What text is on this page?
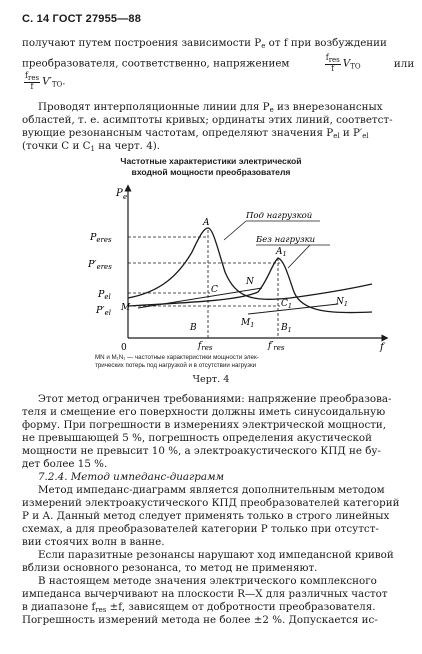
С. 14 ГОСТ 27955—88
получают путем построения зависимости Pe от f при возбуждении
преобразователя, соответственно, напряжением	$\frac{\text{fres}}{f}$ VTO	или
$\frac{\text{fres}}{f} V'TO$.
Проводят интерполяционные линии для Pe из внерезонансных
областей, т. е. асимптоты кривых; ординаты этих линий, соответст-
вующие резонансным частотам, определяют значения Pel и P′el
(точки C и C1 на черт. 4).
Частотные характеристики электрической
входной мощности преобразователя
P e
f
0
$P_{eres}$
$P'_{eres}$
$P_{el}$
$P'_{el}$ M
A
$A_1$
C
$C_1$
N
$N_1$
$M_1$
B	$B_1$
$f_{res}$	$f'_{res}$
Под нагрузкой
Без нагрузки
MN и M₁N₁ — частотные характеристики мощности элек-
трических потерь под нагрузкой и в отсутствии нагрузки
Черт. 4
Этот метод ограничен требованиями: напряжение преобразова-
теля и смещение его поверхности должны иметь синусоидальную
форму. При погрешности в измерениях электрической мощности,
не превышающей 5 %, погрешность определения акустической
мощности не превысит 10 %, а электроакустического КПД не бу-
дет более 15 %.
7.2.4. Метод импеданс-диаграмм
Метод импеданс-диаграмм является дополнительным методом
измерений электроакустического КПД преобразователей категорий
Р и А. Данный метод следует применять только в строго линейных
схемах, а для преобразователей категории Р только при отсутст-
вии стоячих волн в ванне.
Если паразитные резонансы нарушают ход импедансной кривой
вблизи основного резонанса, то метод не применяют.
В настоящем методе значения электрического комплексного
импеданса вычерчивают на плоскости R—X для различных частот
в диапазоне fres ±f, зависящем от добротности преобразователя.
Погрешность измерений метода не более ±2 %. Допускается ис-
